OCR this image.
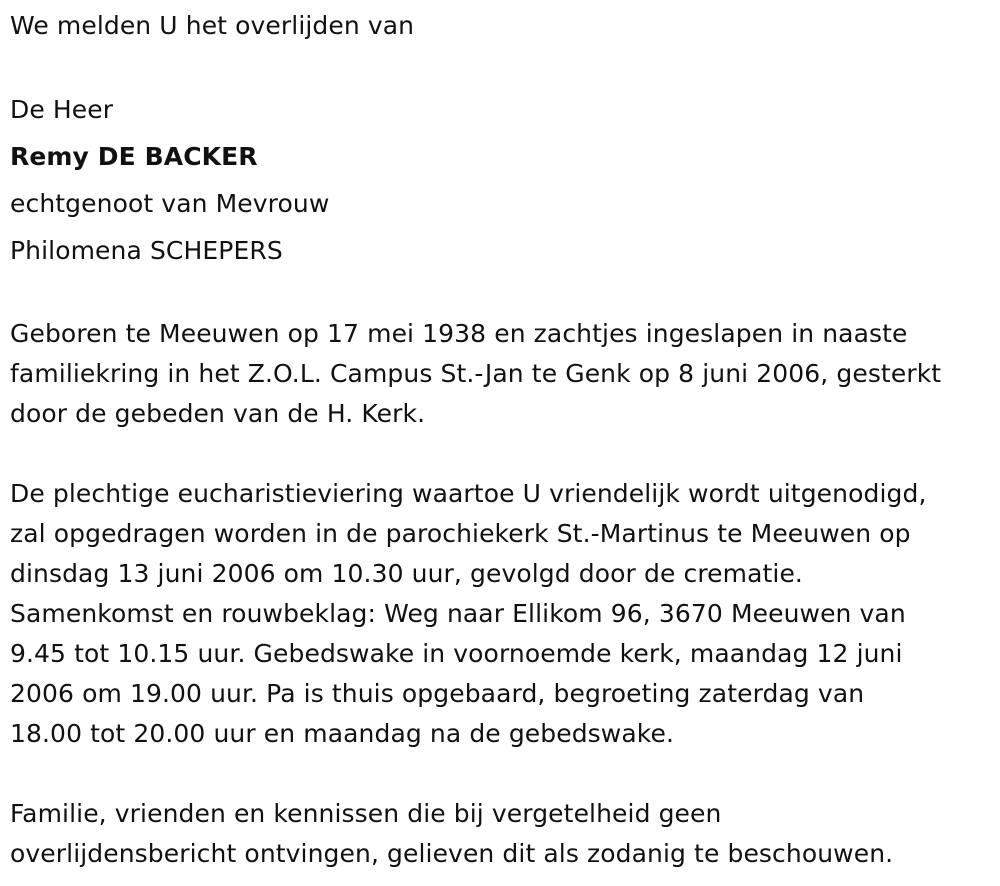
We melden U het overlijden van
De Heer
Remy DE BACKER
echtgenoot van Mevrouw
Philomena SCHEPERS
Geboren te Meeuwen op 17 mei 1938 en zachtjes ingeslapen in naaste
familiekring in het Z.O.L. Campus St.-Jan te Genk op 8 juni 2006, gesterkt
door de gebeden van de H. Kerk.
De plechtige eucharistieviering waartoe U vriendelijk wordt uitgenodigd,
zal opgedragen worden in de parochiekerk St.-Martinus te Meeuwen op
dinsdag 13 juni 2006 om 10.30 uur, gevolgd door de crematie.
Samenkomst en rouwbeklag: Weg naar Ellikom 96, 3670 Meeuwen van
9.45 tot 10.15 uur. Gebedswake in voornoemde kerk, maandag 12 juni
2006 om 19.00 uur. Pa is thuis opgebaard, begroeting zaterdag van
18.00 tot 20.00 uur en maandag na de gebedswake.
Familie, vrienden en kennissen die bij vergetelheid geen
overlijdensbericht ontvingen, gelieven dit als zodanig te beschouwen.
